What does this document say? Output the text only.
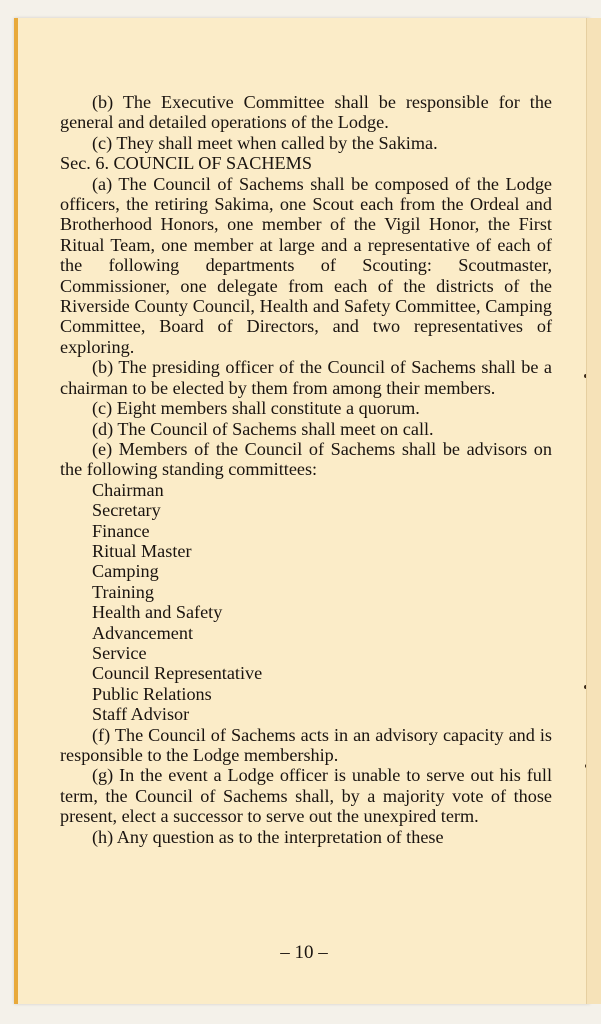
(b) The Executive Committee shall be responsible for the general and detailed operations of the Lodge.

(c) They shall meet when called by the Sakima.

Sec. 6. COUNCIL OF SACHEMS

(a) The Council of Sachems shall be composed of the Lodge officers, the retiring Sakima, one Scout each from the Ordeal and Brotherhood Honors, one member of the Vigil Honor, the First Ritual Team, one member at large and a representative of each of the following departments of Scouting: Scoutmaster, Commissioner, one delegate from each of the districts of the Riverside County Council, Health and Safety Committee, Camping Committee, Board of Directors, and two representatives of exploring.

(b) The presiding officer of the Council of Sachems shall be a chairman to be elected by them from among their members.

(c) Eight members shall constitute a quorum.

(d) The Council of Sachems shall meet on call.

(e) Members of the Council of Sachems shall be advisors on the following standing committees:

Chairman
Secretary
Finance
Ritual Master
Camping
Training
Health and Safety
Advancement
Service
Council Representative
Public Relations
Staff Advisor

(f) The Council of Sachems acts in an advisory capacity and is responsible to the Lodge membership.

(g) In the event a Lodge officer is unable to serve out his full term, the Council of Sachems shall, by a majority vote of those present, elect a successor to serve out the unexpired term.

(h) Any question as to the interpretation of these

– 10 –
